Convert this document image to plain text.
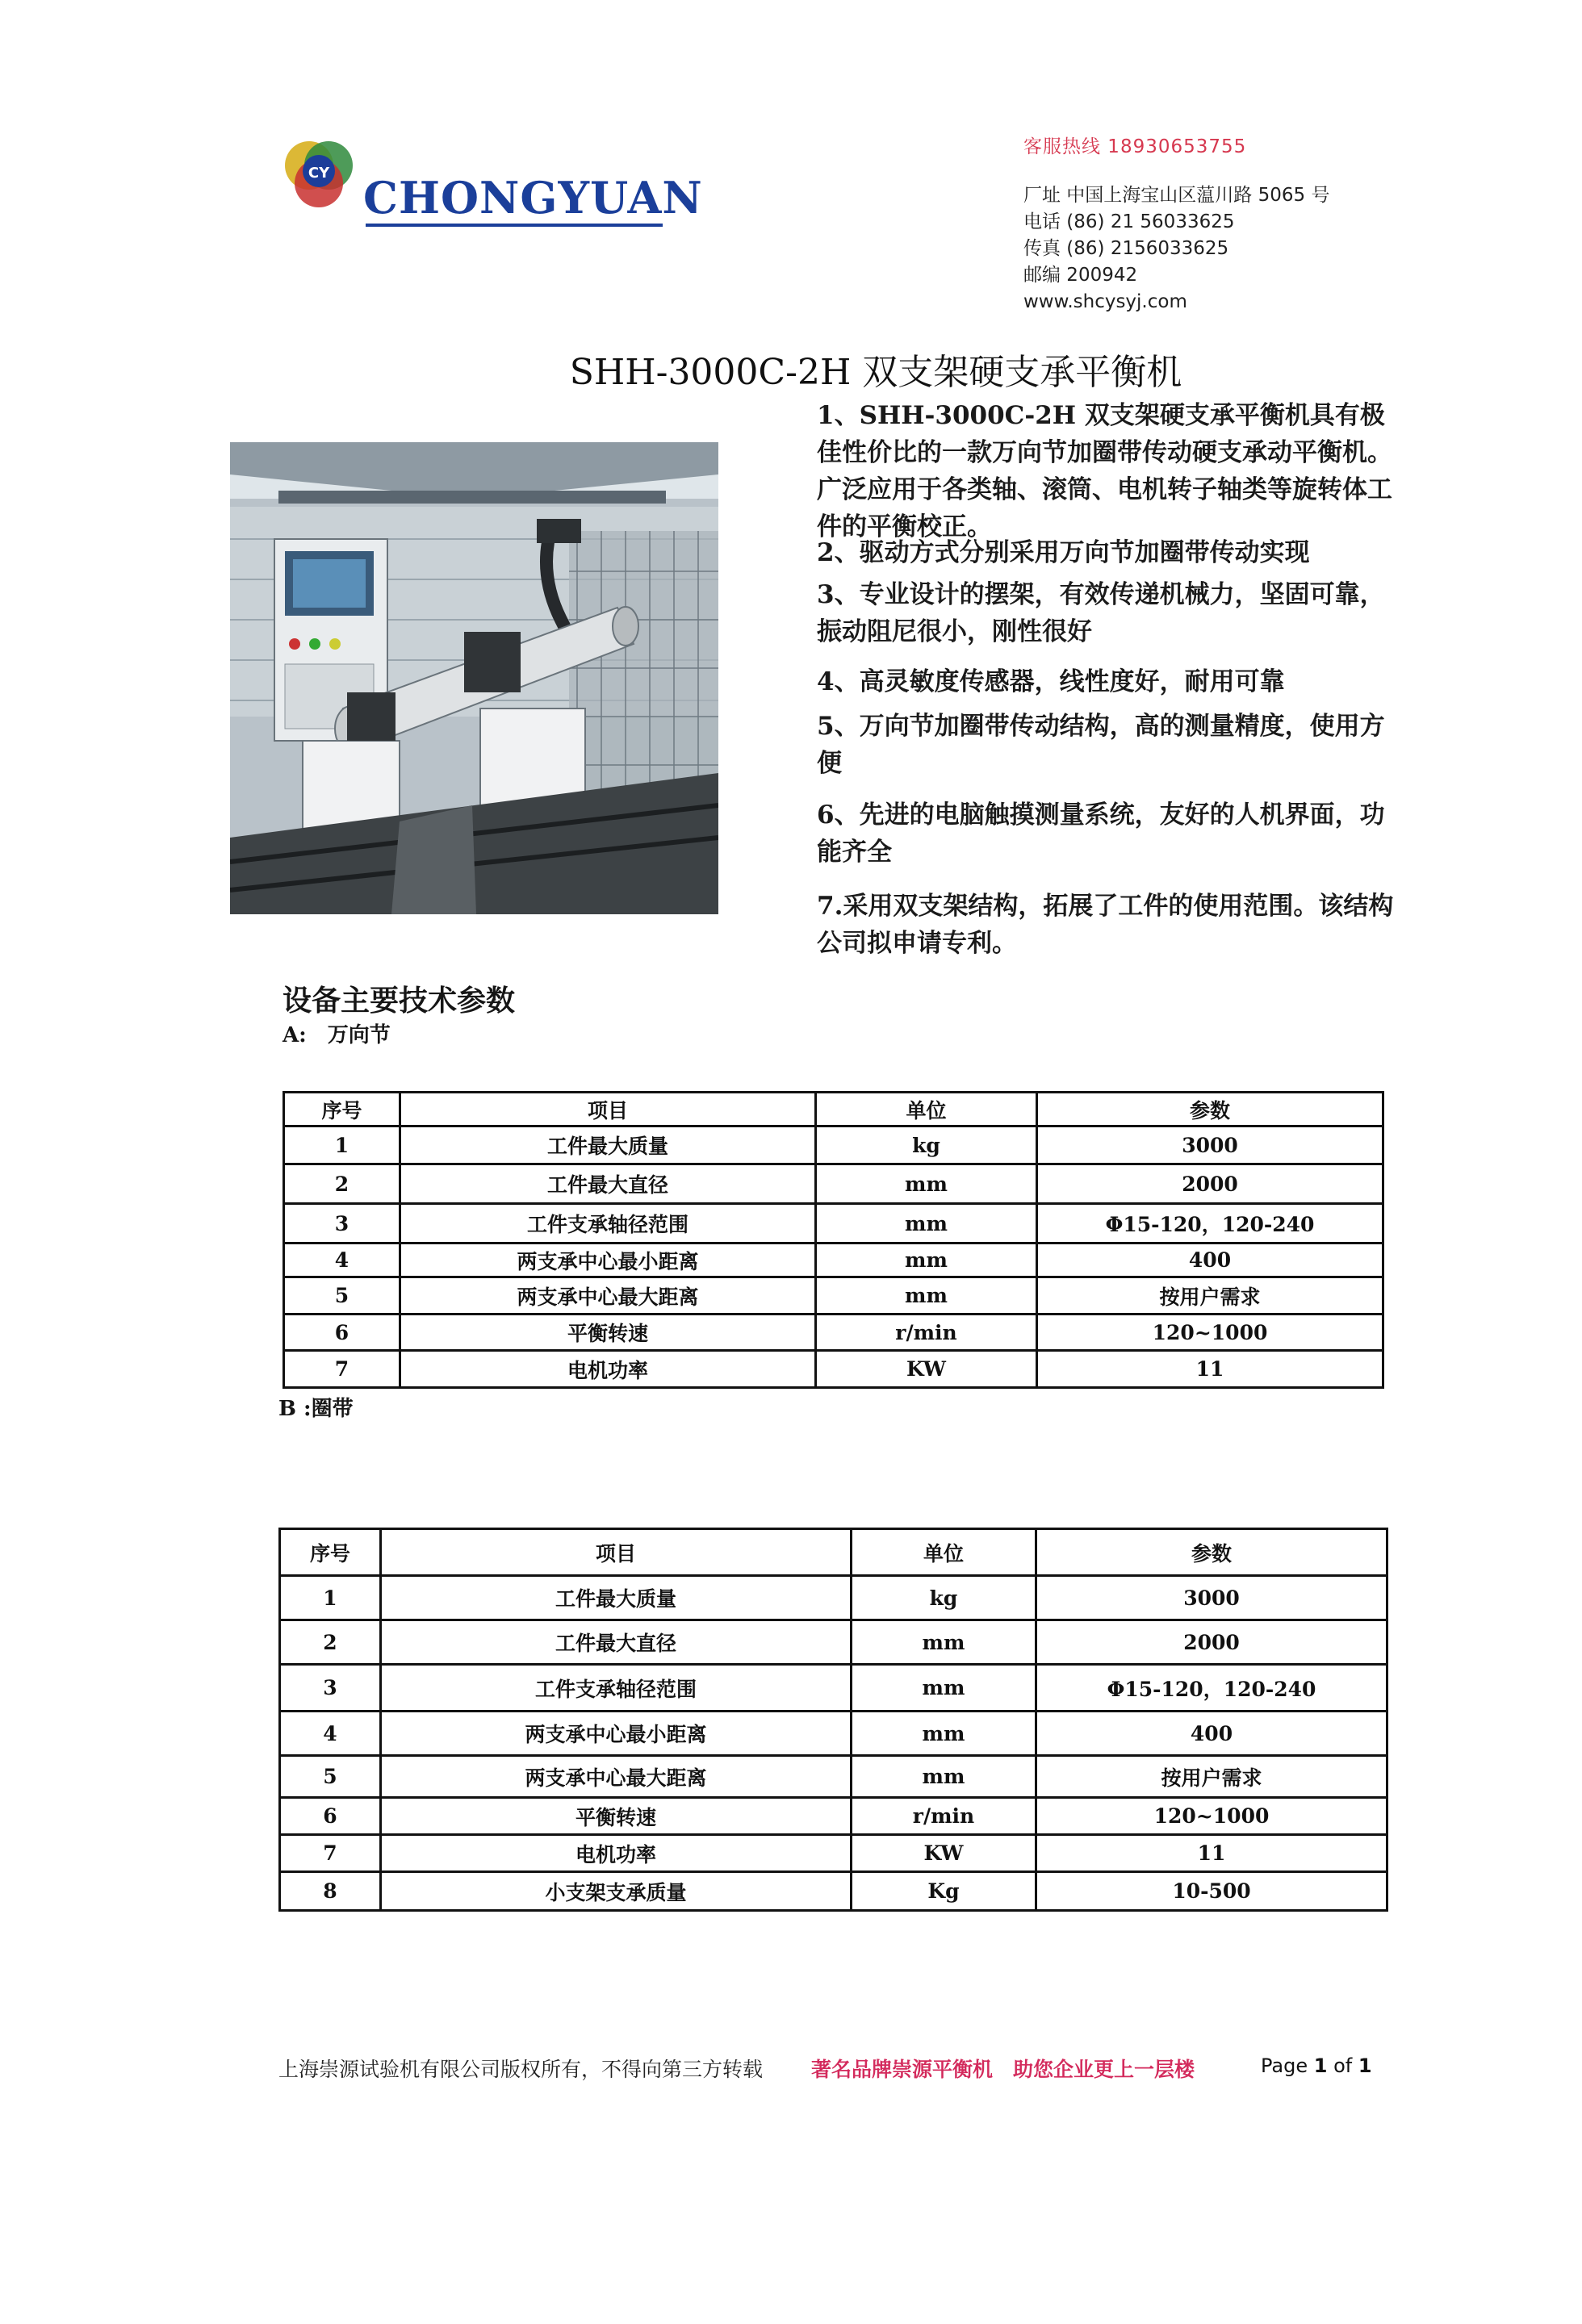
CY CHONGYUAN
客服热线 18930653755
厂址 中国上海宝山区蕰川路 5065 号
电话 (86) 21 56033625
传真 (86) 2156033625
邮编 200942
www.shcysyj.com
SHH-3000C-2H 双支架硬支承平衡机
1、SHH-3000C-2H 双支架硬支承平衡机具有极佳性价比的一款万向节加圈带传动硬支承动平衡机。广泛应用于各类轴、滚筒、电机转子轴类等旋转体工件的平衡校正。
2、驱动方式分别采用万向节加圈带传动实现
3、专业设计的摆架，有效传递机械力，坚固可靠，振动阻尼很小，刚性很好
4、高灵敏度传感器，线性度好，耐用可靠
5、万向节加圈带传动结构，高的测量精度，使用方便
6、先进的电脑触摸测量系统，友好的人机界面，功能齐全
7.采用双支架结构，拓展了工件的使用范围。该结构公司拟申请专利。
设备主要技术参数
A:　万向节
序号	项目	单位	参数
1	工件最大质量	kg	3000
2	工件最大直径	mm	2000
3	工件支承轴径范围	mm	Φ15-120，120-240
4	两支承中心最小距离	mm	400
5	两支承中心最大距离	mm	按用户需求
6	平衡转速	r/min	120~1000
7	电机功率	KW	11
B :圈带
序号	项目	单位	参数
1	工件最大质量	kg	3000
2	工件最大直径	mm	2000
3	工件支承轴径范围	mm	Φ15-120，120-240
4	两支承中心最小距离	mm	400
5	两支承中心最大距离	mm	按用户需求
6	平衡转速	r/min	120~1000
7	电机功率	KW	11
8	小支架支承质量	Kg	10-500
上海崇源试验机有限公司版权所有，不得向第三方转载 著名品牌崇源平衡机　助您企业更上一层楼	Page 1 of 1
